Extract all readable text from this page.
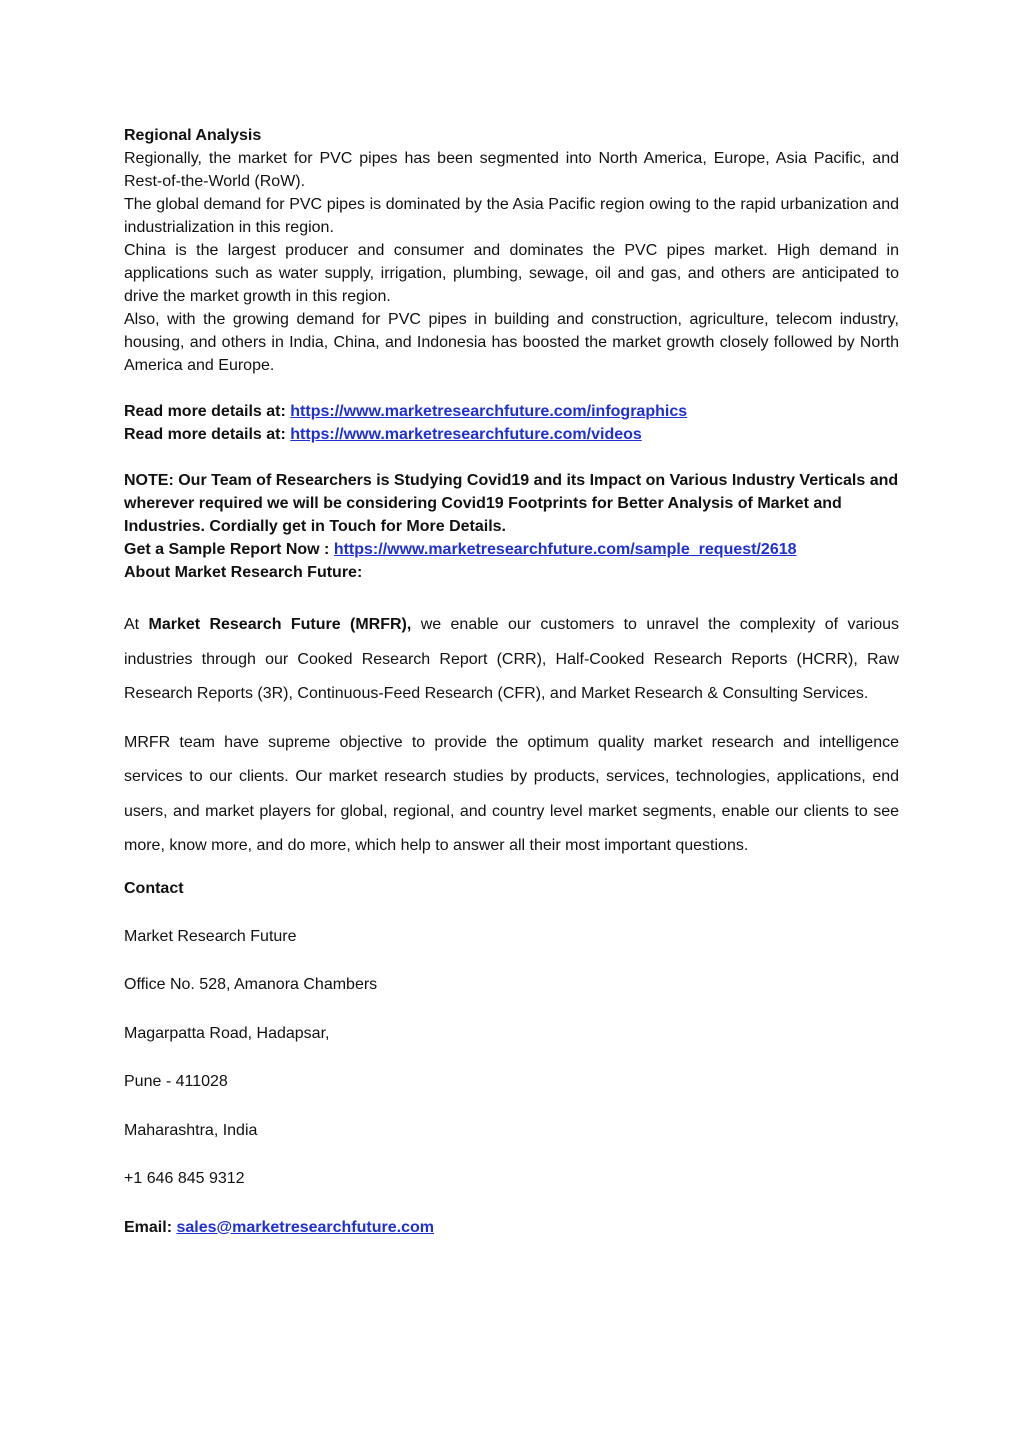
Regional Analysis

Regionally, the market for PVC pipes has been segmented into North America, Europe, Asia Pacific, and Rest-of-the-World (RoW).

The global demand for PVC pipes is dominated by the Asia Pacific region owing to the rapid urbanization and industrialization in this region.

China is the largest producer and consumer and dominates the PVC pipes market. High demand in applications such as water supply, irrigation, plumbing, sewage, oil and gas, and others are anticipated to drive the market growth in this region.

Also, with the growing demand for PVC pipes in building and construction, agriculture, telecom industry, housing, and others in India, China, and Indonesia has boosted the market growth closely followed by North America and Europe.

Read more details at: https://www.marketresearchfuture.com/infographics
Read more details at: https://www.marketresearchfuture.com/videos

NOTE: Our Team of Researchers is Studying Covid19 and its Impact on Various Industry Verticals and wherever required we will be considering Covid19 Footprints for Better Analysis of Market and Industries. Cordially get in Touch for More Details.

Get a Sample Report Now : https://www.marketresearchfuture.com/sample_request/2618
About Market Research Future:

At Market Research Future (MRFR), we enable our customers to unravel the complexity of various industries through our Cooked Research Report (CRR), Half-Cooked Research Reports (HCRR), Raw Research Reports (3R), Continuous-Feed Research (CFR), and Market Research & Consulting Services.

MRFR team have supreme objective to provide the optimum quality market research and intelligence services to our clients. Our market research studies by products, services, technologies, applications, end users, and market players for global, regional, and country level market segments, enable our clients to see more, know more, and do more, which help to answer all their most important questions.

Contact

Market Research Future

Office No. 528, Amanora Chambers

Magarpatta Road, Hadapsar,

Pune - 411028

Maharashtra, India

+1 646 845 9312

Email: sales@marketresearchfuture.com
